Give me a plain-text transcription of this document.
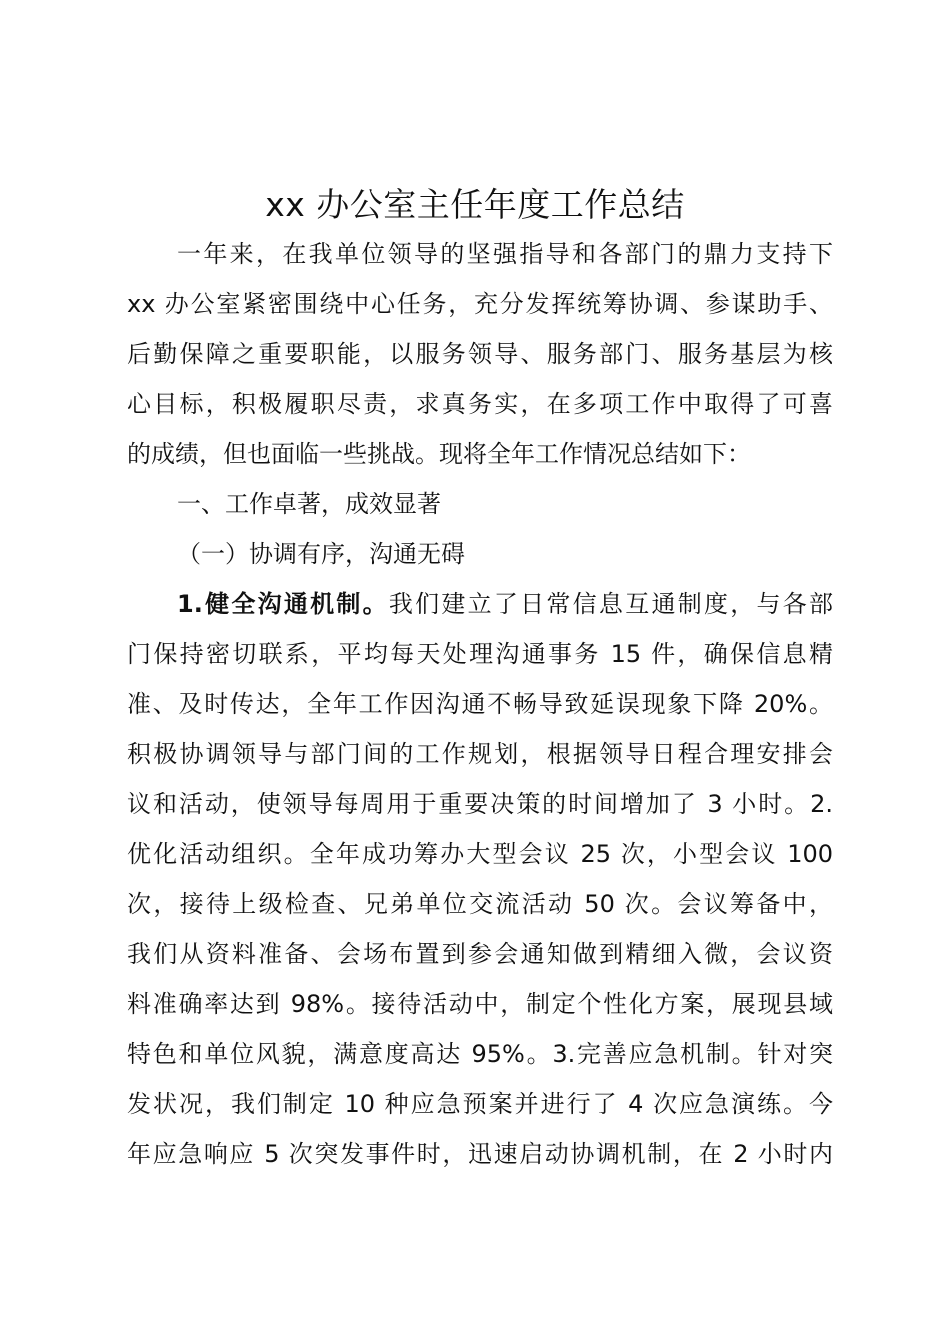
xx 办公室主任年度工作总结
一年来，在我单位领导的坚强指导和各部门的鼎力支持下
xx 办公室紧密围绕中心任务，充分发挥统筹协调、参谋助手、
后勤保障之重要职能，以服务领导、服务部门、服务基层为核
心目标，积极履职尽责，求真务实，在多项工作中取得了可喜
的成绩，但也面临一些挑战。现将全年工作情况总结如下：
一、工作卓著，成效显著
（一）协调有序，沟通无碍
1.健全沟通机制。我们建立了日常信息互通制度，与各部
门保持密切联系，平均每天处理沟通事务 15 件，确保信息精
准、及时传达，全年工作因沟通不畅导致延误现象下降 20%。
积极协调领导与部门间的工作规划，根据领导日程合理安排会
议和活动，使领导每周用于重要决策的时间增加了 3 小时。2.
优化活动组织。全年成功筹办大型会议 25 次，小型会议 100
次，接待上级检查、兄弟单位交流活动 50 次。会议筹备中，
我们从资料准备、会场布置到参会通知做到精细入微，会议资
料准确率达到 98%。接待活动中，制定个性化方案，展现县域
特色和单位风貌，满意度高达 95%。3.完善应急机制。针对突
发状况，我们制定 10 种应急预案并进行了 4 次应急演练。今
年应急响应 5 次突发事件时，迅速启动协调机制，在 2 小时内
